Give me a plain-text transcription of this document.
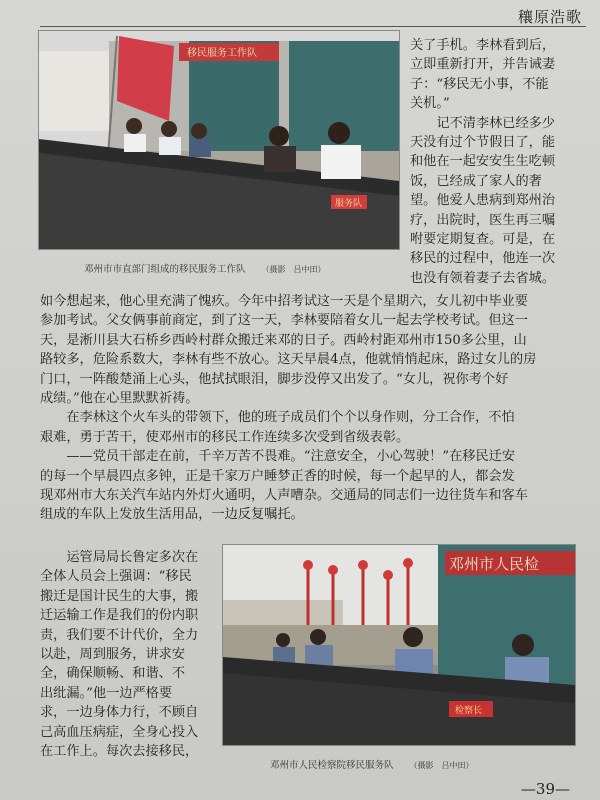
穰原浩歌
移民服务工作队
服务队
邓州市市直部门组成的移民服务工作队 （摄影　吕中田）
关了手机。李林看到后，
立即重新打开，并告诫妻
子：“移民无小事，不能
关机。”
　　记不清李林已经多少
天没有过个节假日了，能
和他在一起安安生生吃顿
饭，已经成了家人的奢
望。他爱人患病到郑州治
疗，出院时，医生再三嘱
咐要定期复查。可是，在
移民的过程中，他连一次
也没有领着妻子去省城。
如今想起来，他心里充满了愧疚。今年中招考试这一天是个星期六，女儿初中毕业要
参加考试。父女俩事前商定，到了这一天，李林要陪着女儿一起去学校考试。但这一
天，是淅川县大石桥乡西岭村群众搬迁来邓的日子。西岭村距邓州市150多公里，山
路较多，危险系数大，李林有些不放心。这天早晨4点，他就悄悄起床，路过女儿的房
门口，一阵酸楚涌上心头，他拭拭眼泪，脚步没停又出发了。“女儿，祝你考个好
成绩。”他在心里默默祈祷。
　　在李林这个火车头的带领下，他的班子成员们个个以身作则，分工合作，不怕
艰难，勇于苦干，使邓州市的移民工作连续多次受到省级表彰。
　　——党员干部走在前，千辛万苦不畏难。“注意安全，小心驾驶！”在移民迁安
的每一个早晨四点多钟，正是千家万户睡梦正香的时候，每一个起早的人，都会发
现邓州市大东关汽车站内外灯火通明，人声嘈杂。交通局的同志们一边往货车和客车
组成的车队上发放生活用品，一边反复嘱托。
　　运管局局长鲁定多次在
全体人员会上强调：“移民
搬迁是国计民生的大事，搬
迁运输工作是我们的份内职
责，我们要不计代价，全力
以赴，周到服务，讲求安
全，确保顺畅、和谐、不
出纰漏。”他一边严格要
求，一边身体力行，不顾自
己高血压病症，全身心投入
在工作上。每次去接移民，
邓州市人民检
检察长
邓州市人民检察院移民服务队 （摄影　吕中田）
—39—
